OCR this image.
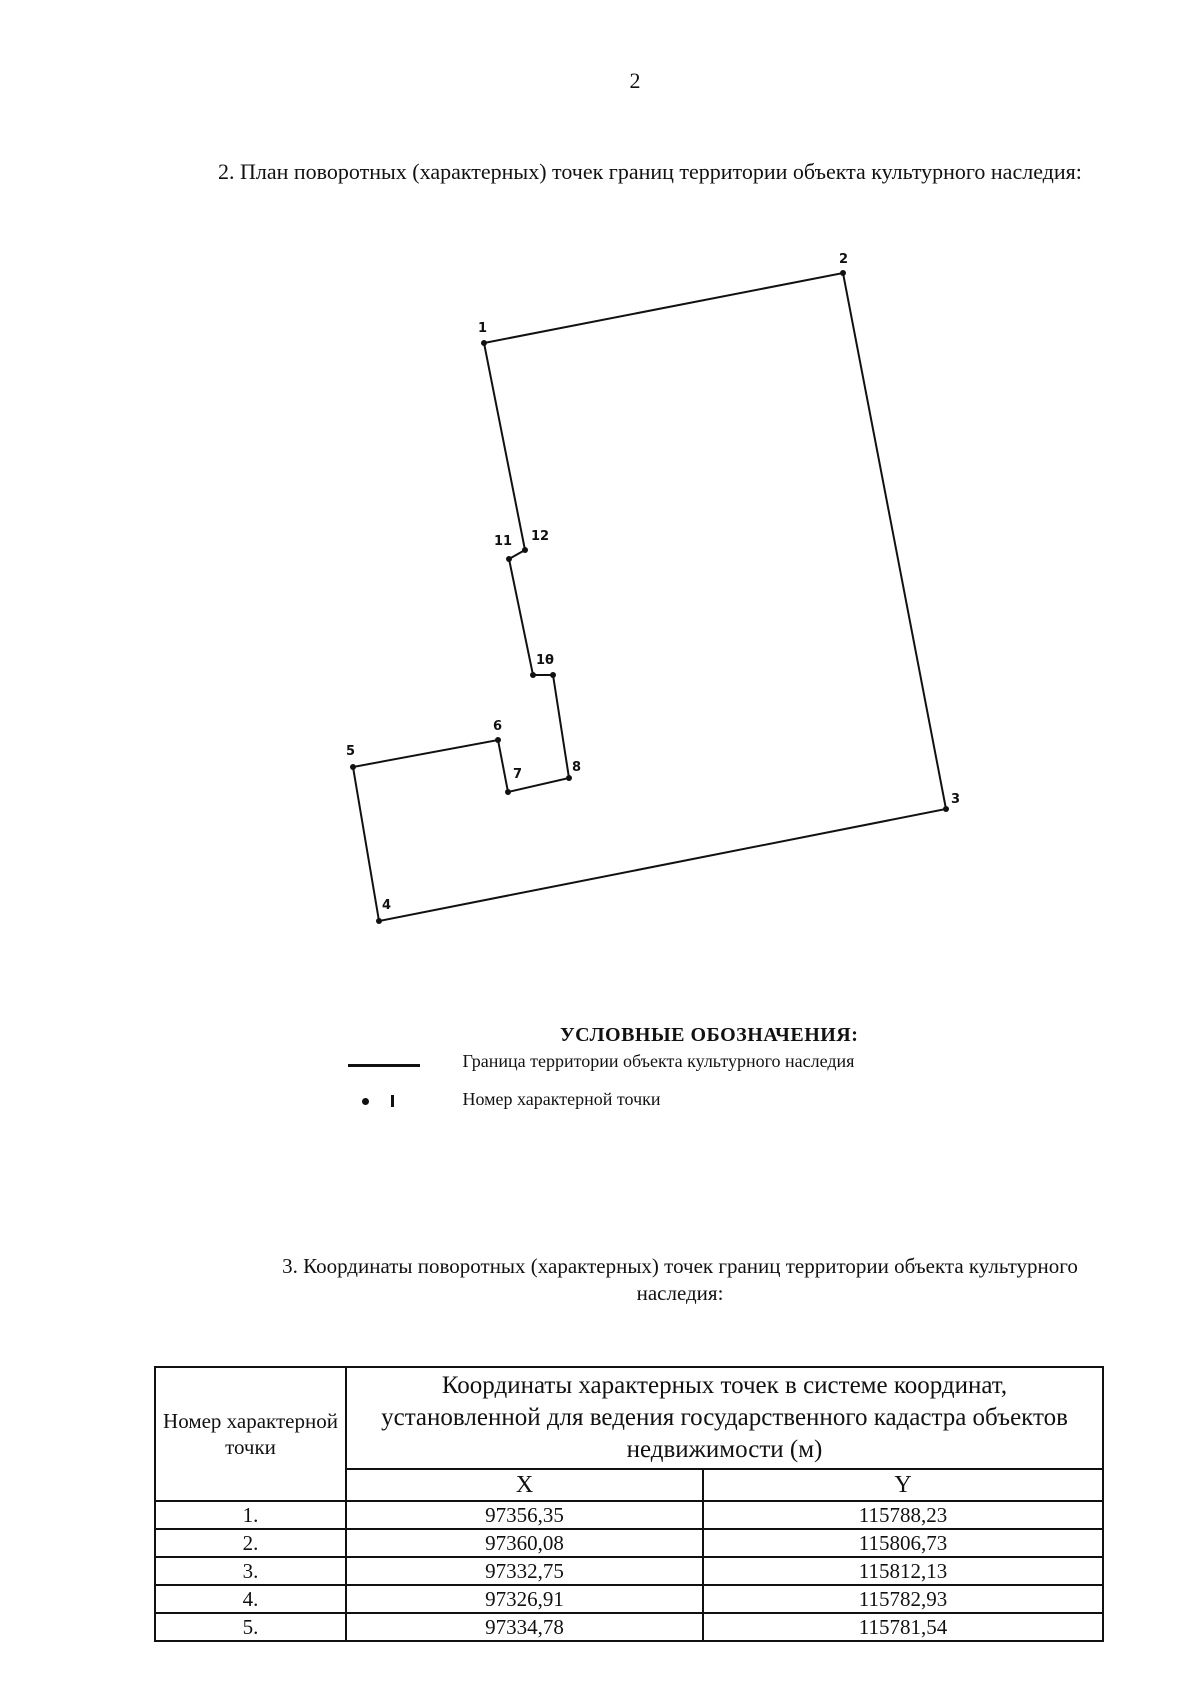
2
2. План поворотных (характерных) точек границ территории объекта культурного наследия:
1
2
3
4
5
6
7	8
1θ
11 12
УСЛОВНЫЕ ОБОЗНАЧЕНИЯ:
Граница территории объекта культурного наследия
Номер характерной точки
3. Координаты поворотных (характерных) точек границ территории объекта культурного наследия:
Номер характерной точки	Координаты характерных точек в системе координат, установленной для ведения государственного кадастра объектов недвижимости (м)	
	X	Y
1.	97356,35	115788,23
2.	97360,08	115806,73
3.	97332,75	115812,13
4.	97326,91	115782,93
5.	97334,78	115781,54
